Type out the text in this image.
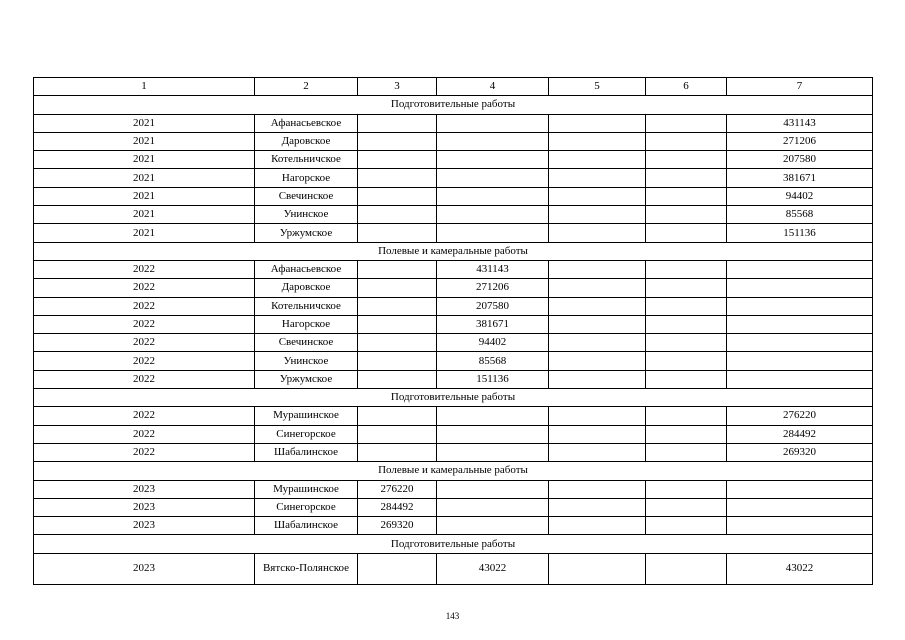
1	2	3	4	5	6	7
Подготовительные работы						
2021	Афанасьевское					431143
2021	Даровское					271206
2021	Котельничское					207580
2021	Нагорское					381671
2021	Свечинское					94402
2021	Унинское					85568
2021	Уржумское					151136
Полевые и камеральные работы						
2022	Афанасьевское		431143			
2022	Даровское		271206			
2022	Котельничское		207580			
2022	Нагорское		381671			
2022	Свечинское		94402			
2022	Унинское		85568			
2022	Уржумское		151136			
Подготовительные работы						
2022	Мурашинское					276220
2022	Синегорское					284492
2022	Шабалинское					269320
Полевые и камеральные работы						
2023	Мурашинское	276220				
2023	Синегорское	284492				
2023	Шабалинское	269320				
Подготовительные работы						
2023	Вятско-Полянское		43022			43022
143
